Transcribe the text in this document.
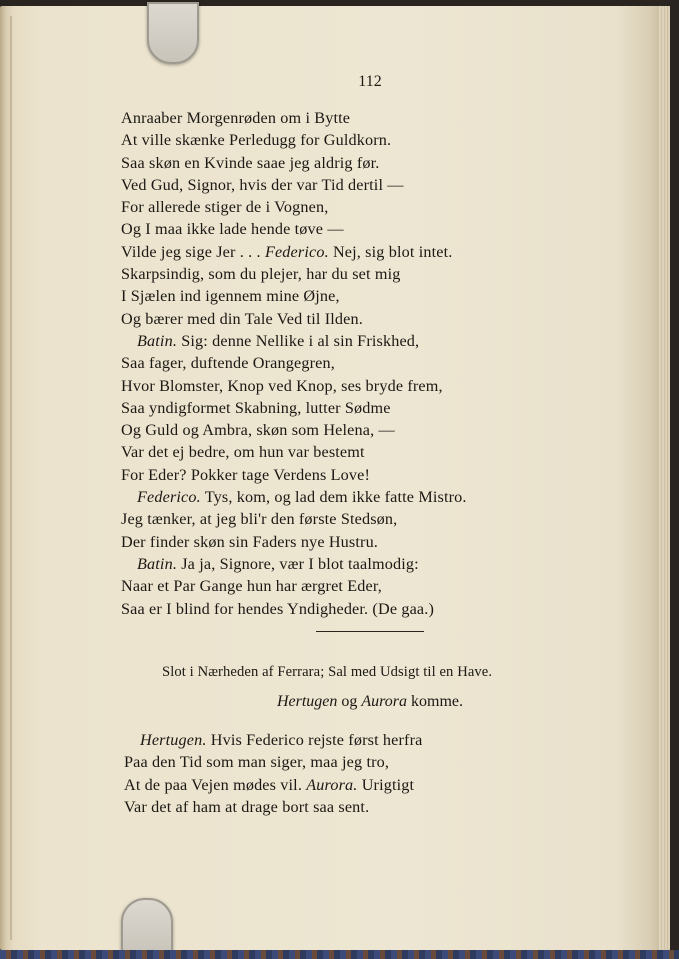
112
Anraaber Morgenrøden om i Bytte
At ville skænke Perledugg for Guldkorn.
Saa skøn en Kvinde saae jeg aldrig før.
Ved Gud, Signor, hvis der var Tid dertil —
For allerede stiger de i Vognen,
Og I maa ikke lade hende tøve —
Vilde jeg sige Jer . . . Federico. Nej, sig blot intet.
Skarpsindig, som du plejer, har du set mig
I Sjælen ind igennem mine Øjne,
Og bærer med din Tale Ved til Ilden.
Batin. Sig: denne Nellike i al sin Friskhed,
Saa fager, duftende Orangegren,
Hvor Blomster, Knop ved Knop, ses bryde frem,
Saa yndigformet Skabning, lutter Sødme
Og Guld og Ambra, skøn som Helena, —
Var det ej bedre, om hun var bestemt
For Eder? Pokker tage Verdens Love!
Federico. Tys, kom, og lad dem ikke fatte Mistro.
Jeg tænker, at jeg bli'r den første Stedsøn,
Der finder skøn sin Faders nye Hustru.
Batin. Ja ja, Signore, vær I blot taalmodig:
Naar et Par Gange hun har ærgret Eder,
Saa er I blind for hendes Yndigheder. (De gaa.)
Slot i Nærheden af Ferrara; Sal med Udsigt til en Have.
Hertugen og Aurora komme.
Hertugen. Hvis Federico rejste først herfra
Paa den Tid som man siger, maa jeg tro,
At de paa Vejen mødes vil. Aurora. Urigtigt
Var det af ham at drage bort saa sent.
